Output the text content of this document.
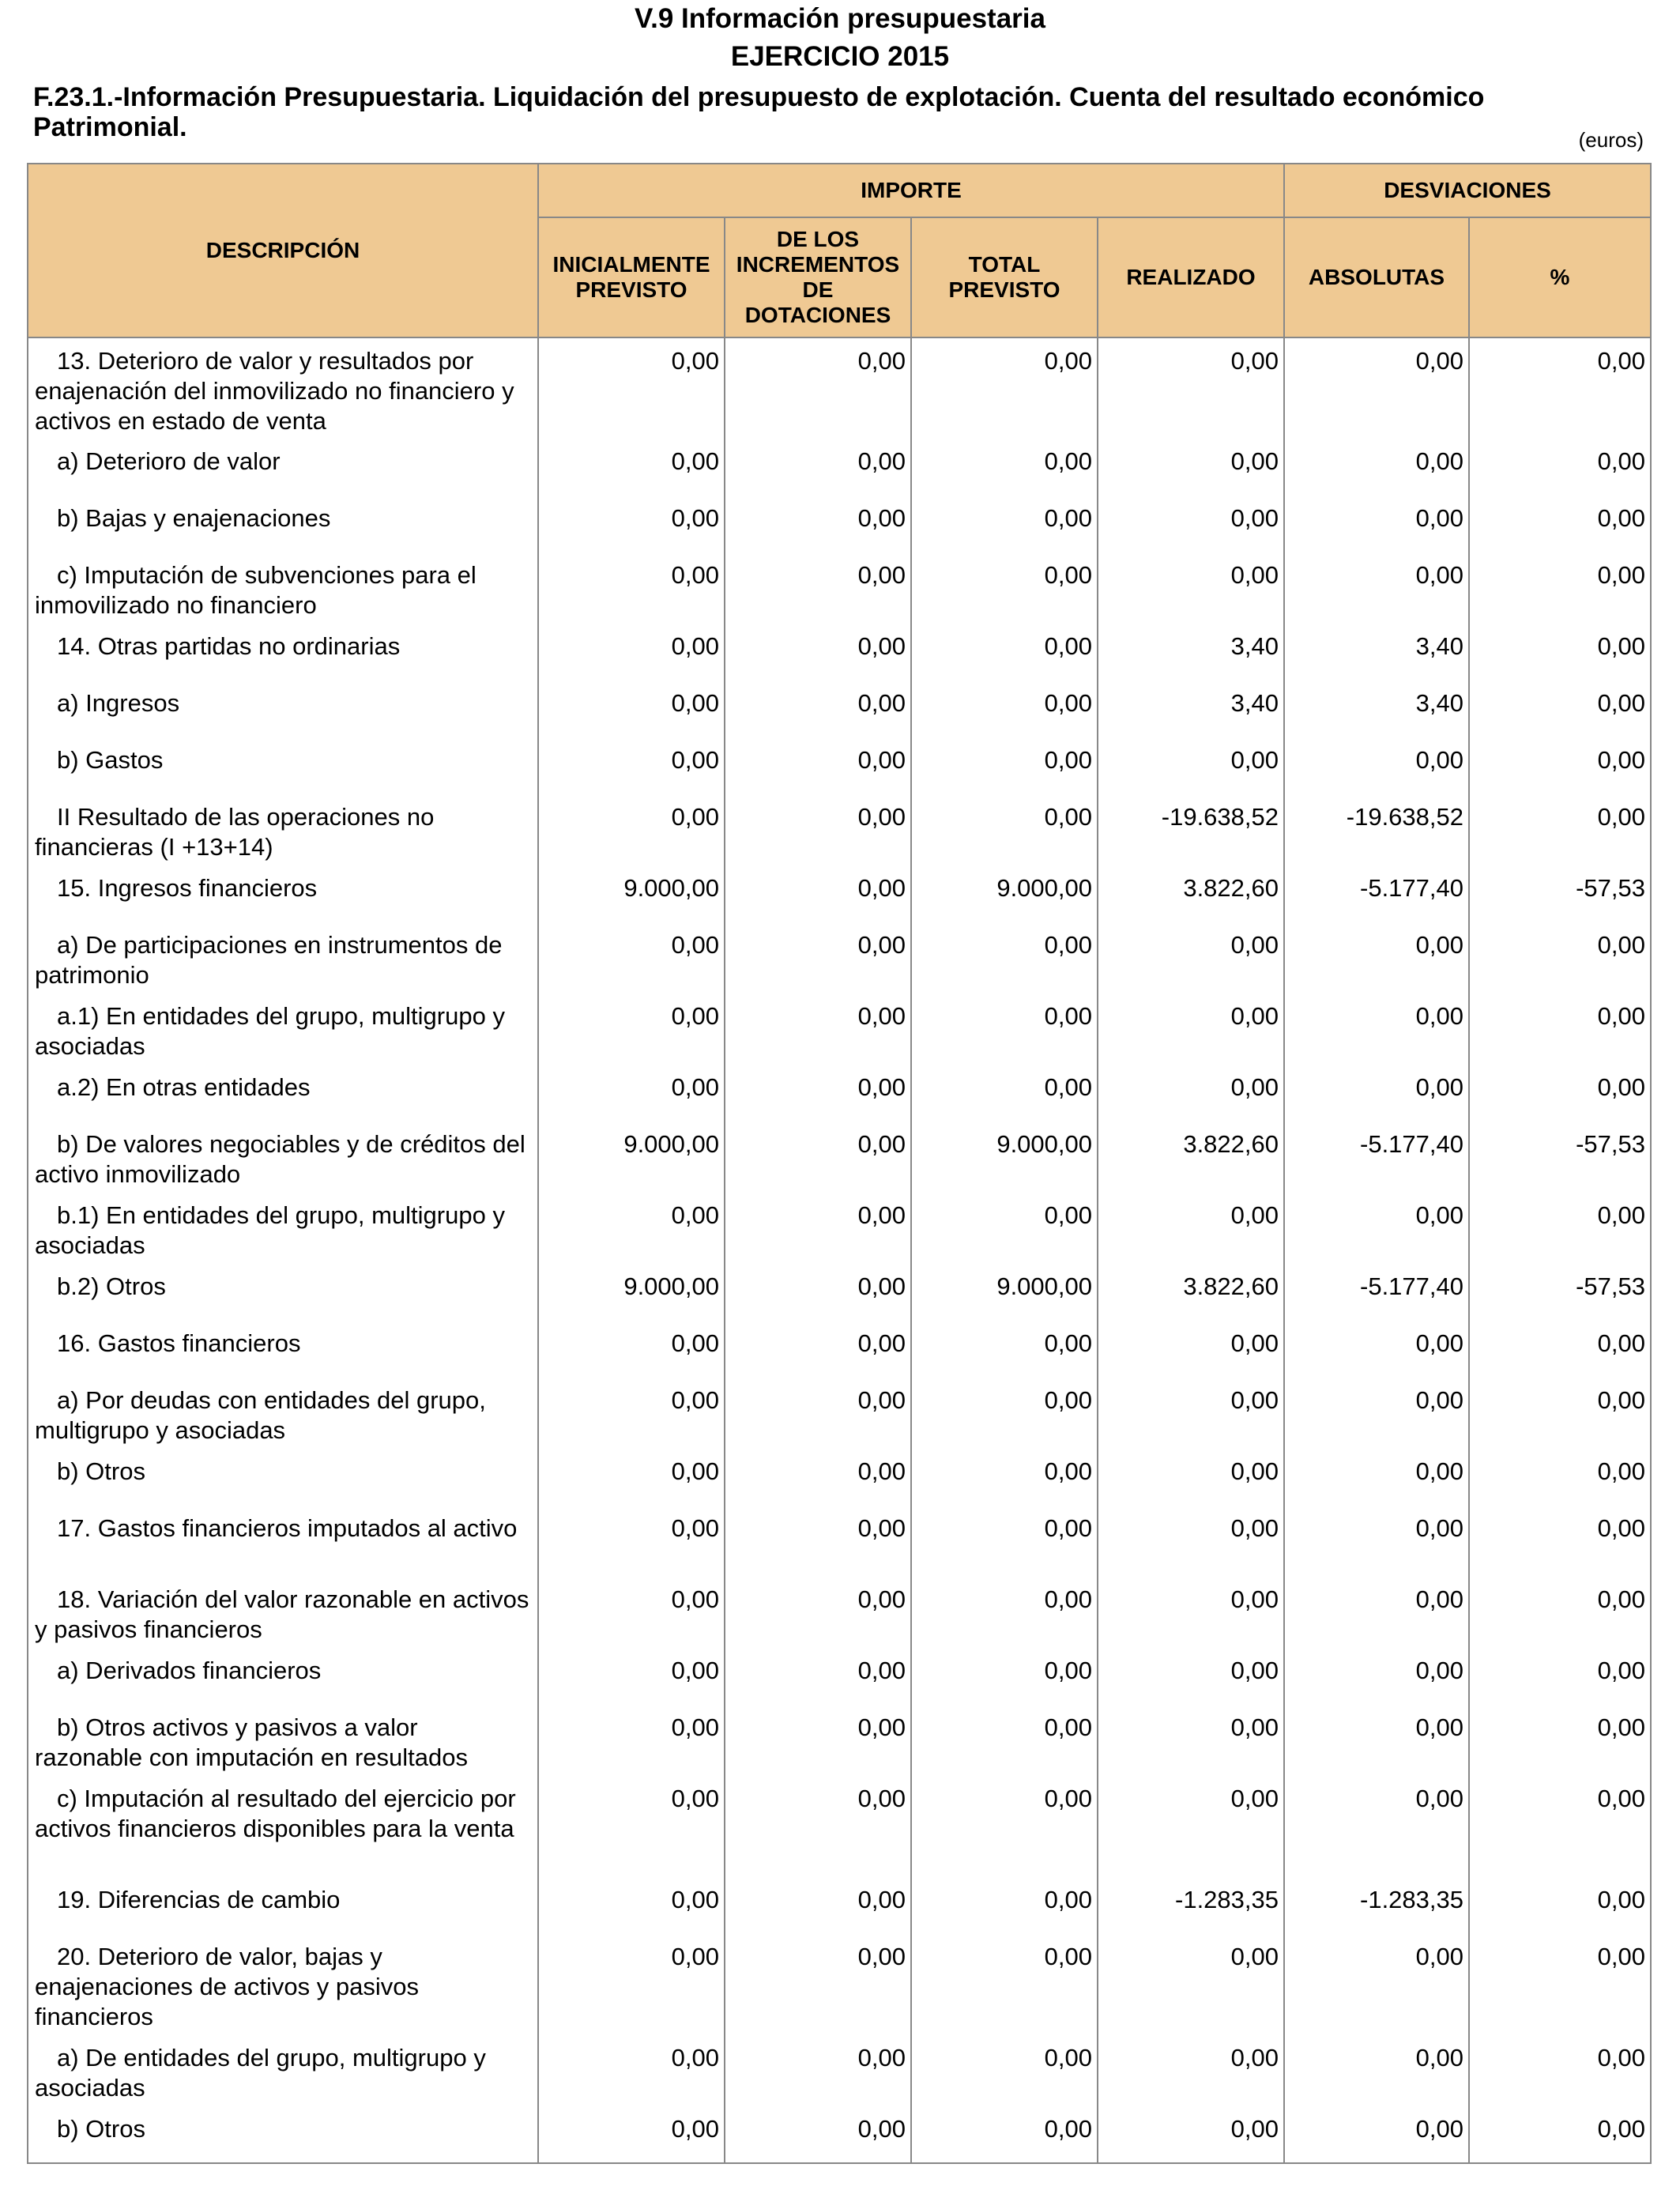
V.9 Información presupuestaria
EJERCICIO 2015
F.23.1.-Información Presupuestaria. Liquidación del presupuesto de explotación. Cuenta del resultado económico Patrimonial.	(euros)
DESCRIPCIÓN	IMPORTE				DESVIACIONES	
	INICIALMENTE PREVISTO	DE LOS INCREMENTOS DE DOTACIONES	TOTAL PREVISTO	REALIZADO	ABSOLUTAS	%
13. Deterioro de valor y resultados por enajenación del inmovilizado no financiero y activos en estado de venta	0,00	0,00	0,00	0,00	0,00	0,00
a) Deterioro de valor	0,00	0,00	0,00	0,00	0,00	0,00
b) Bajas y enajenaciones	0,00	0,00	0,00	0,00	0,00	0,00
c) Imputación de subvenciones para el inmovilizado no financiero	0,00	0,00	0,00	0,00	0,00	0,00
14. Otras partidas no ordinarias	0,00	0,00	0,00	3,40	3,40	0,00
a) Ingresos	0,00	0,00	0,00	3,40	3,40	0,00
b) Gastos	0,00	0,00	0,00	0,00	0,00	0,00
II Resultado de las operaciones no financieras (I +13+14)	0,00	0,00	0,00	-19.638,52	-19.638,52	0,00
15. Ingresos financieros	9.000,00	0,00	9.000,00	3.822,60	-5.177,40	-57,53
a) De participaciones en instrumentos de patrimonio	0,00	0,00	0,00	0,00	0,00	0,00
a.1) En entidades del grupo, multigrupo y asociadas	0,00	0,00	0,00	0,00	0,00	0,00
a.2) En otras entidades	0,00	0,00	0,00	0,00	0,00	0,00
b) De valores negociables y de créditos del activo inmovilizado	9.000,00	0,00	9.000,00	3.822,60	-5.177,40	-57,53
b.1) En entidades del grupo, multigrupo y asociadas	0,00	0,00	0,00	0,00	0,00	0,00
b.2) Otros	9.000,00	0,00	9.000,00	3.822,60	-5.177,40	-57,53
16. Gastos financieros	0,00	0,00	0,00	0,00	0,00	0,00
a) Por deudas con entidades del grupo, multigrupo y asociadas	0,00	0,00	0,00	0,00	0,00	0,00
b) Otros	0,00	0,00	0,00	0,00	0,00	0,00
17. Gastos financieros imputados al activo	0,00	0,00	0,00	0,00	0,00	0,00
18. Variación del valor razonable en activos y pasivos financieros	0,00	0,00	0,00	0,00	0,00	0,00
a) Derivados financieros	0,00	0,00	0,00	0,00	0,00	0,00
b) Otros activos y pasivos a valor razonable con imputación en resultados	0,00	0,00	0,00	0,00	0,00	0,00
c) Imputación al resultado del ejercicio por activos financieros disponibles para la venta	0,00	0,00	0,00	0,00	0,00	0,00
19. Diferencias de cambio	0,00	0,00	0,00	-1.283,35	-1.283,35	0,00
20. Deterioro de valor, bajas y enajenaciones de activos y pasivos financieros	0,00	0,00	0,00	0,00	0,00	0,00
a) De entidades del grupo, multigrupo y asociadas	0,00	0,00	0,00	0,00	0,00	0,00
b) Otros	0,00	0,00	0,00	0,00	0,00	0,00
